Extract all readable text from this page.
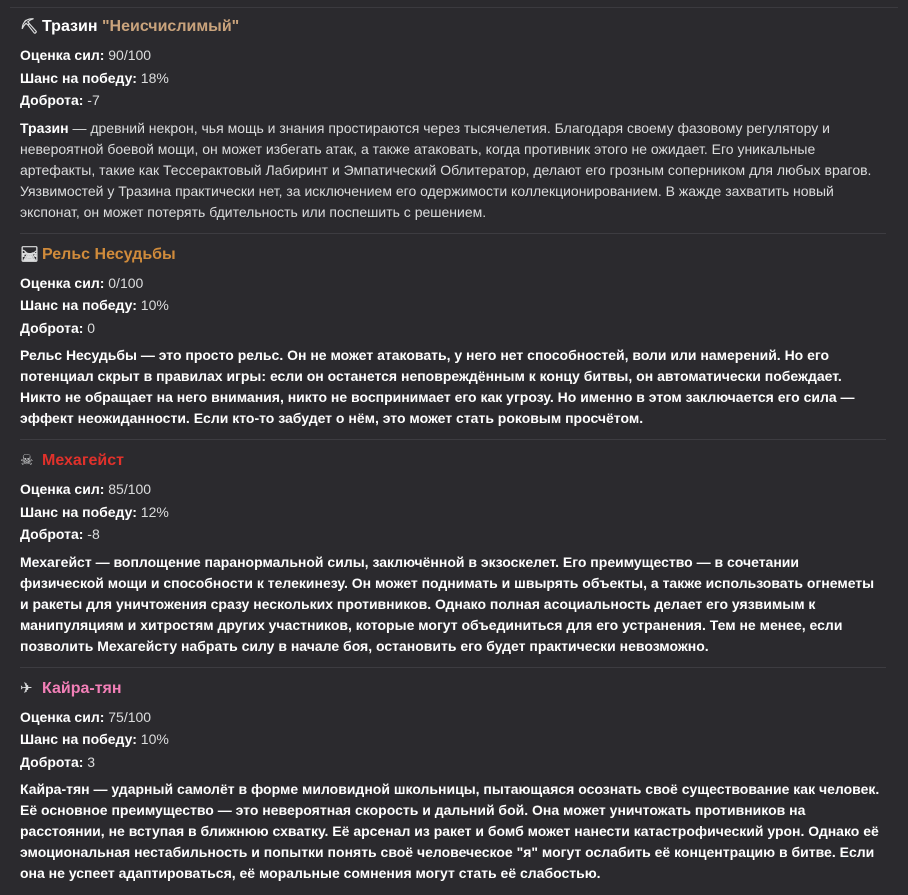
⛏ Тразин
"Неисчислимый"

Оценка сил: 90/100

Шанс на победу: 18%

Доброта: -7

Тразин — древний некрон, чья мощь и знания простираются через тысячелетия. Благодаря своему фазовому регулятору и невероятной боевой мощи, он может избегать атак, а также атаковать, когда противник этого не ожидает. Его уникальные артефакты, такие как Тессерактовый Лабиринт и Эмпатический Облитератор, делают его грозным соперником для любых врагов. Уязвимостей у Тразина практически нет, за исключением его одержимости коллекционированием. В жажде захватить новый экспонат, он может потерять бдительность или поспешить с решением.

🛤 Рельс Несудьбы

Оценка сил: 0/100

Шанс на победу: 10%

Доброта: 0

Рельс Несудьбы — это просто рельс. Он не может атаковать, у него нет способностей, воли или намерений. Но его потенциал скрыт в правилах игры: если он останется неповреждённым к концу битвы, он автоматически побеждает. Никто не обращает на него внимания, никто не воспринимает его как угрозу. Но именно в этом заключается его сила — эффект неожиданности. Если кто-то забудет о нём, это может стать роковым просчётом.

☠ Мехагейст

Оценка сил: 85/100

Шанс на победу: 12%

Доброта: -8

Мехагейст — воплощение паранормальной силы, заключённой в экзоскелет. Его преимущество — в сочетании физической мощи и способности к телекинезу. Он может поднимать и швырять объекты, а также использовать огнеметы и ракеты для уничтожения сразу нескольких противников. Однако полная асоциальность делает его уязвимым к манипуляциям и хитростям других участников, которые могут объединиться для его устранения. Тем не менее, если позволить Мехагейсту набрать силу в начале боя, остановить его будет практически невозможно.

✈ Кайра-тян

Оценка сил: 75/100

Шанс на победу: 10%

Доброта: 3

Кайра-тян — ударный самолёт в форме миловидной школьницы, пытающаяся осознать своё существование как человек. Её основное преимущество — это невероятная скорость и дальний бой. Она может уничтожать противников на расстоянии, не вступая в ближнюю схватку. Её арсенал из ракет и бомб может нанести катастрофический урон. Однако её эмоциональная нестабильность и попытки понять своё человеческое "я" могут ослабить её концентрацию в битве. Если она не успеет адаптироваться, её моральные сомнения могут стать её слабостью.
